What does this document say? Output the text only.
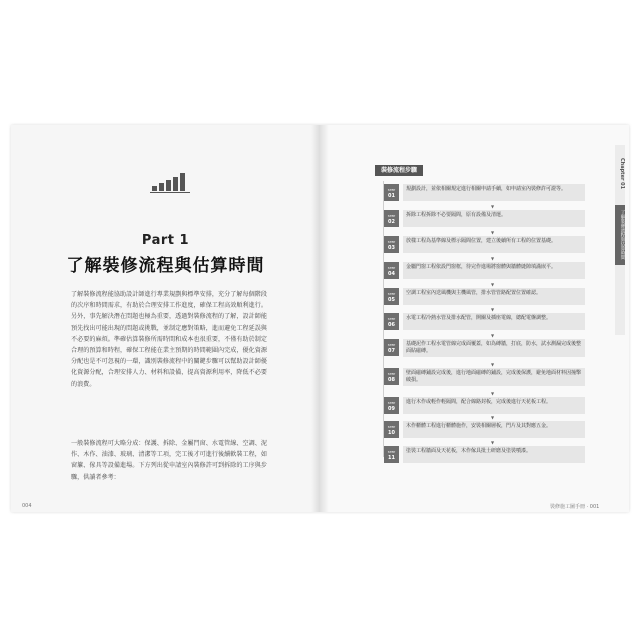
Part 1
了解裝修流程與估算時間
了解裝修流程能協助設計師進行專業規劃與標準安排，充分了解每個階段的次序和時間需求，有助於合理安排工作進度，確保工程高效順利進行。另外，事先解決潛在問題也極為重要，透過對裝修流程的了解，設計師能預先找出可能出現的問題或挑戰，並制定應對策略，進而避免工程延誤與不必要的麻煩。準確估算裝修所需時間和成本也很重要，不僅有助於制定合理的預算和時程，確保工程能在業主預期的時間範圍內完成，優化資源分配也是不可忽視的一環，識別裝修流程中的關鍵步驟可以幫助設計師優化資源分配，合理安排人力、材料和設備，提高資源利用率，降低不必要的浪費。
一般裝修流程可大略分成：保護、拆除、金屬門窗、水電管線、空調、泥作、木作、油漆、玻璃、清潔等工項，完工後才可進行後續軟裝工程，如窗簾、傢具等設備進場。下方列出從申請室內裝修許可到拆除的工序與步驟，供讀者參考：
004
Chapter 01
了解裝修流程與估算時間
裝修流程步驟
STEP
01
規劃設計，並依相關規定進行相關申請手續，如申請室內裝修許可證等。
▼
STEP
02
拆除工程拆除不必要隔間，原有設備及清運。
▼
STEP
03
放樣工程為基準線及標示隔間位置，建立後續所有工程的位置基礎。
▼
STEP
04
金屬門窗工程依設門窗框，待完作進場將窗體與牆體縫隙填滿嵌平。
▼
STEP
05
空調工程室內送風機與主機風管，排水管管路配置位置確認。
▼
STEP
06
水電工程冷熱水管及排水配管，開關及插座電線，總配電盤調整。
▼
STEP
07
基礎泥作工程水電管線完成面覆蓋，如為磚牆，打底，防水，試水測漏完成後整面貼磁磚。
▼
STEP
08
壁面磁磚鋪設完成後，進行地面磁磚的鋪設，完成後保護，避免地面材料因撞擊破損。
▼
STEP
09
進行木作或輕作輕隔間，配合線路封板，完成後進行天花板工程。
▼
STEP
10
木作櫃體工程進行櫃體施作，安裝相關層板，門片及其對應五金。
▼
STEP
11
塗裝工程牆面及天花板，木作傢具批土研磨及塗裝噴漆。
裝修施工圖手冊 · 001
